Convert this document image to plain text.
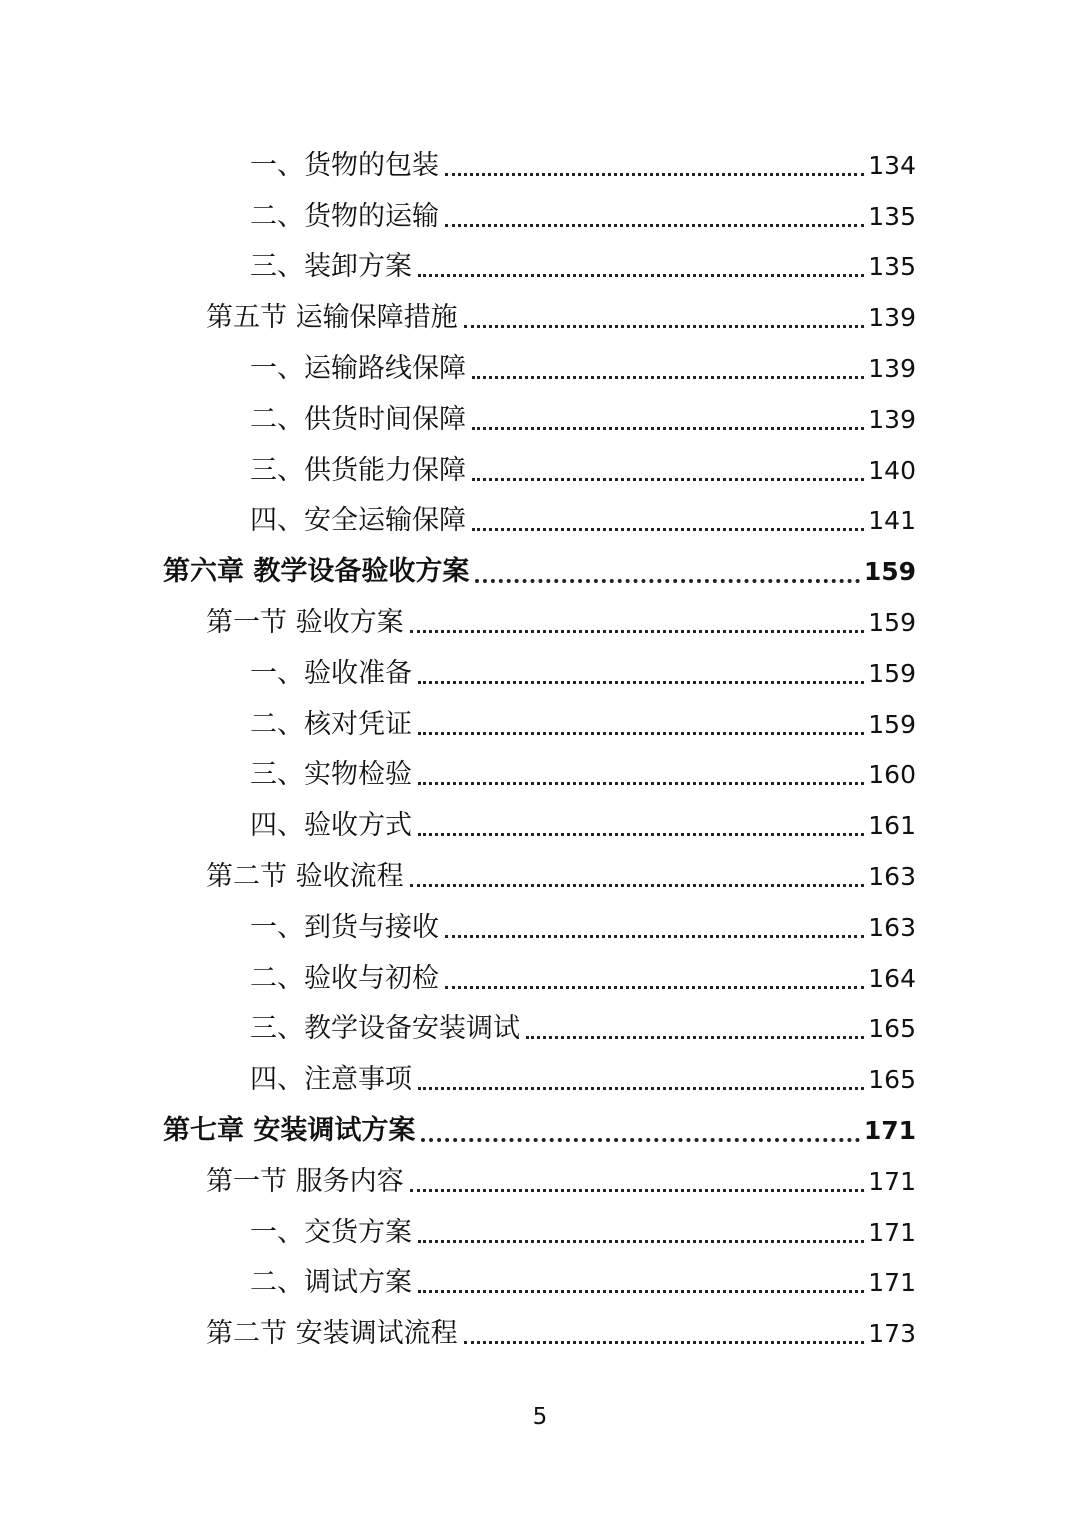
一、货物的包装	134
二、货物的运输	135
三、装卸方案	135
第五节 运输保障措施	139
一、运输路线保障	139
二、供货时间保障	139
三、供货能力保障	140
四、安全运输保障	141
第六章 教学设备验收方案	159
第一节 验收方案	159
一、验收准备	159
二、核对凭证	159
三、实物检验	160
四、验收方式	161
第二节 验收流程	163
一、到货与接收	163
二、验收与初检	164
三、教学设备安装调试	165
四、注意事项	165
第七章 安装调试方案	171
第一节 服务内容	171
一、交货方案	171
二、调试方案	171
第二节 安装调试流程	173
5
